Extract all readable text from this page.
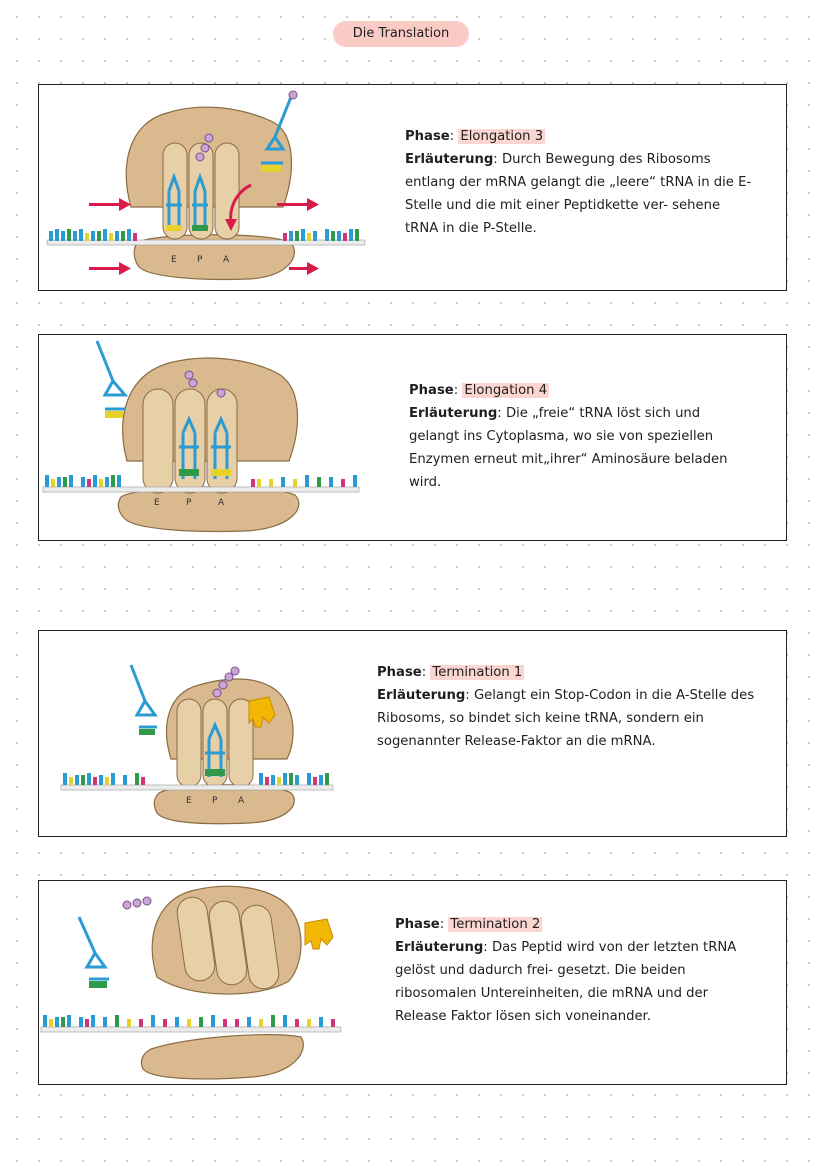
Die Translation
E P A
Phase: Elongation 3
Erläuterung: Durch Bewegung des Ribosoms entlang der mRNA gelangt die „leere“ tRNA in die E-Stelle und die mit einer Peptidkette ver- sehene tRNA in die P-Stelle.
E	P	A
Phase: Elongation 4
Erläuterung: Die „freie“ tRNA löst sich und gelangt ins Cytoplasma, wo sie von speziellen Enzymen erneut mit„ihrer“ Aminosäure beladen wird.
E P A
Phase: Termination 1
Erläuterung: Gelangt ein Stop-Codon in die A-Stelle des Ribosoms, so bindet sich keine tRNA, sondern ein sogenannter Release-Faktor an die mRNA.
Phase: Termination 2
Erläuterung: Das Peptid wird von der letzten tRNA gelöst und dadurch frei- gesetzt. Die beiden ribosomalen Untereinheiten, die mRNA und der Release Faktor lösen sich voneinander.
